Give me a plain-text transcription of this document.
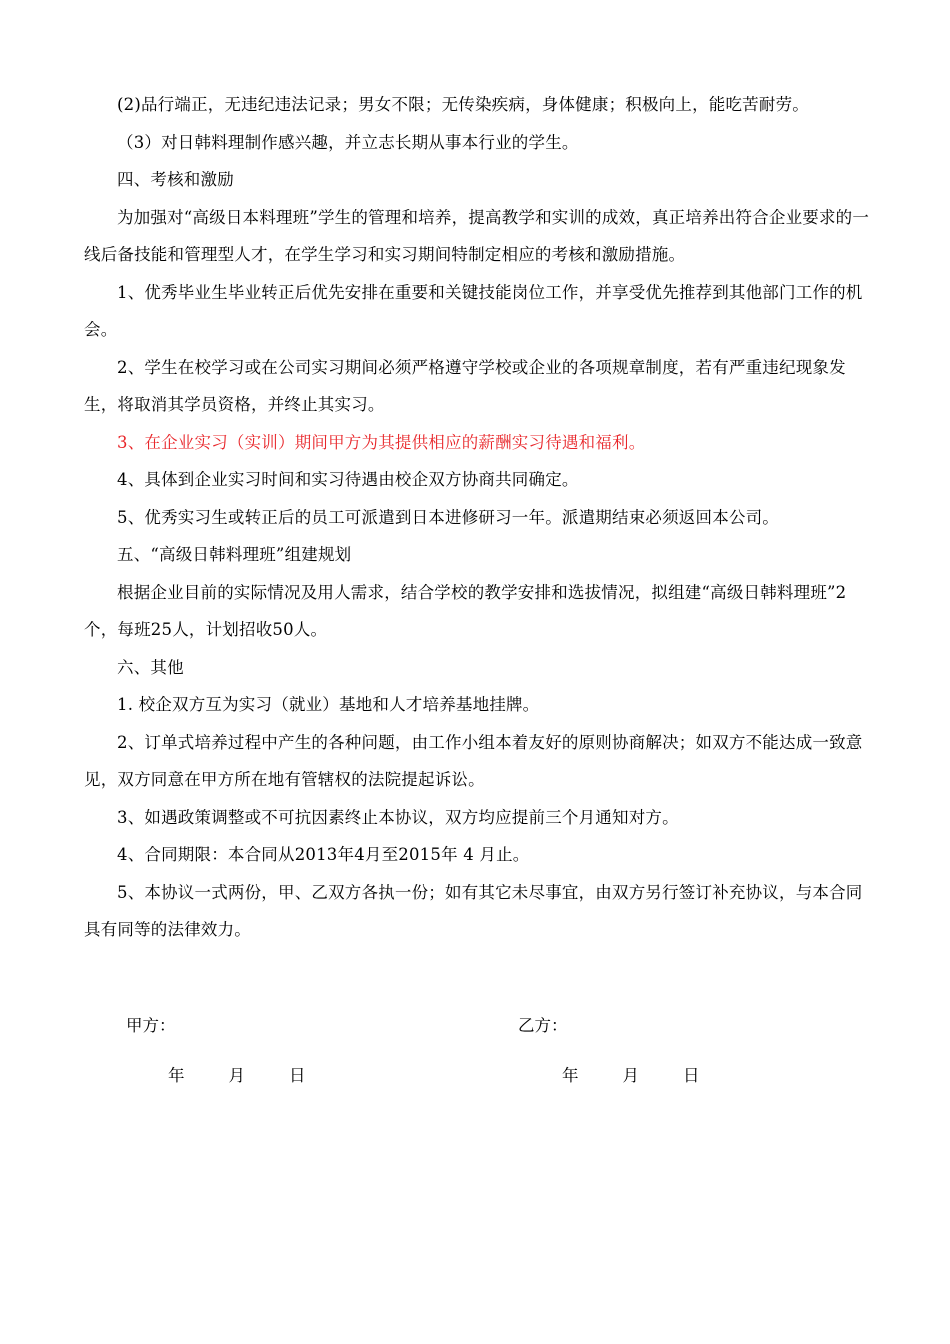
(2)品行端正，无违纪违法记录；男女不限；无传染疾病，身体健康；积极向上，能吃苦耐劳。

（3）对日韩料理制作感兴趣，并立志长期从事本行业的学生。

四、考核和激励

为加强对“高级日本料理班”学生的管理和培养，提高教学和实训的成效，真正培养出符合企业要求的一线后备技能和管理型人才，在学生学习和实习期间特制定相应的考核和激励措施。

1、优秀毕业生毕业转正后优先安排在重要和关键技能岗位工作，并享受优先推荐到其他部门工作的机会。

2、学生在校学习或在公司实习期间必须严格遵守学校或企业的各项规章制度，若有严重违纪现象发生，将取消其学员资格，并终止其实习。

3、在企业实习（实训）期间甲方为其提供相应的薪酬实习待遇和福利。

4、具体到企业实习时间和实习待遇由校企双方协商共同确定。

5、优秀实习生或转正后的员工可派遣到日本进修研习一年。派遣期结束必须返回本公司。

五、“高级日韩料理班”组建规划

根据企业目前的实际情况及用人需求，结合学校的教学安排和选拔情况，拟组建“高级日韩料理班”2个，每班25人，计划招收50人。

六、其他

1. 校企双方互为实习（就业）基地和人才培养基地挂牌。

2、订单式培养过程中产生的各种问题，由工作小组本着友好的原则协商解决；如双方不能达成一致意见，双方同意在甲方所在地有管辖权的法院提起诉讼。

3、如遇政策调整或不可抗因素终止本协议，双方均应提前三个月通知对方。

4、合同期限：本合同从2013年4月至2015年 4 月止。

5、本协议一式两份，甲、乙双方各执一份；如有其它未尽事宜，由双方另行签订补充协议，与本合同具有同等的法律效力。

甲方：	乙方：
年	月	日	年	月	日
